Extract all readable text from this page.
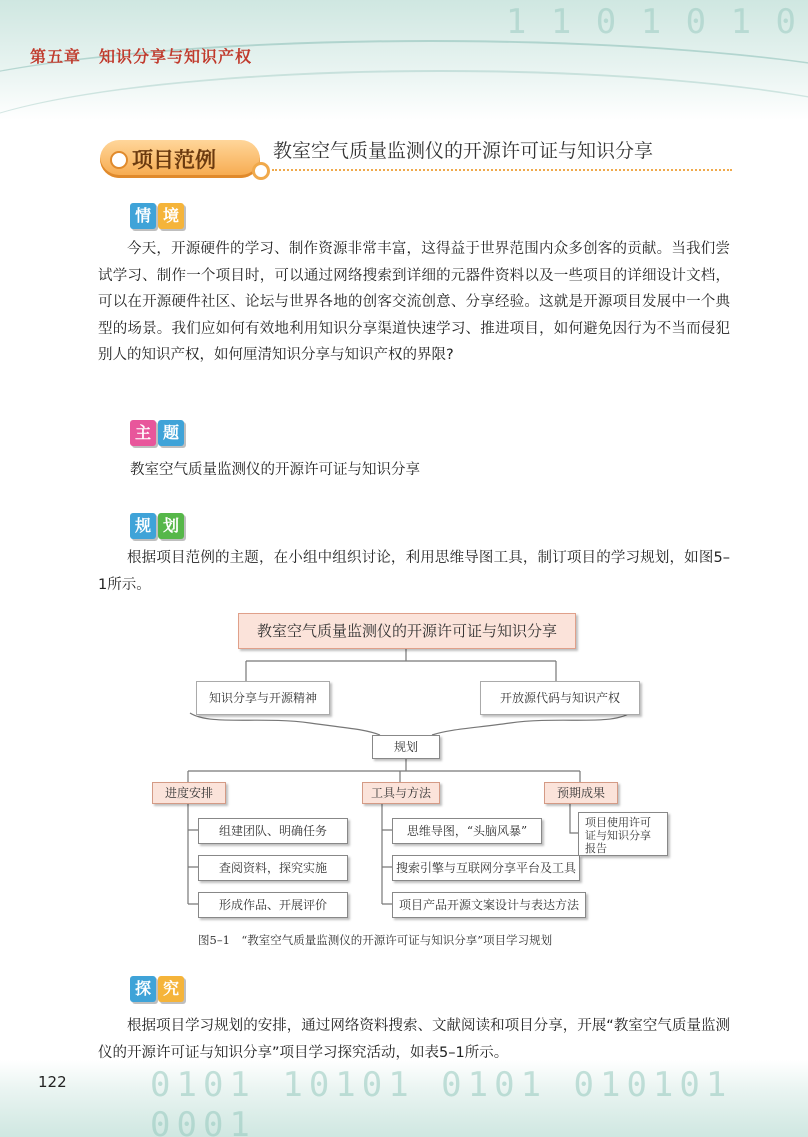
1 1 0 1 0 1 0
第五章 知识分享与知识产权
项目范例	教室空气质量监测仪的开源许可证与知识分享
情 境
今天，开源硬件的学习、制作资源非常丰富，这得益于世界范围内众多创客的贡献。当我们尝试学习、制作一个项目时，可以通过网络搜索到详细的元器件资料以及一些项目的详细设计文档，可以在开源硬件社区、论坛与世界各地的创客交流创意、分享经验。这就是开源项目发展中一个典型的场景。我们应如何有效地利用知识分享渠道快速学习、推进项目，如何避免因行为不当而侵犯别人的知识产权，如何厘清知识分享与知识产权的界限?
主 题
教室空气质量监测仪的开源许可证与知识分享
规 划
根据项目范例的主题，在小组中组织讨论，利用思维导图工具，制订项目的学习规划，如图5–1所示。
教室空气质量监测仪的开源许可证与知识分享
知识分享与开源精神	开放源代码与知识产权
规划
进度安排	工具与方法	预期成果
组建团队、明确任务
查阅资料，探究实施
形成作品、开展评价
思维导图，“头脑风暴”
搜索引擎与互联网分享平台及工具
项目产品开源文案设计与表达方法
项目使用许可证与知识分享报告
图5–1　“教室空气质量监测仪的开源许可证与知识分享”项目学习规划
探 究
根据项目学习规划的安排，通过网络资料搜索、文献阅读和项目分享，开展“教室空气质量监测仪的开源许可证与知识分享”项目学习探究活动，如表5–1所示。
0101 10101 0101 010101 0001
122
